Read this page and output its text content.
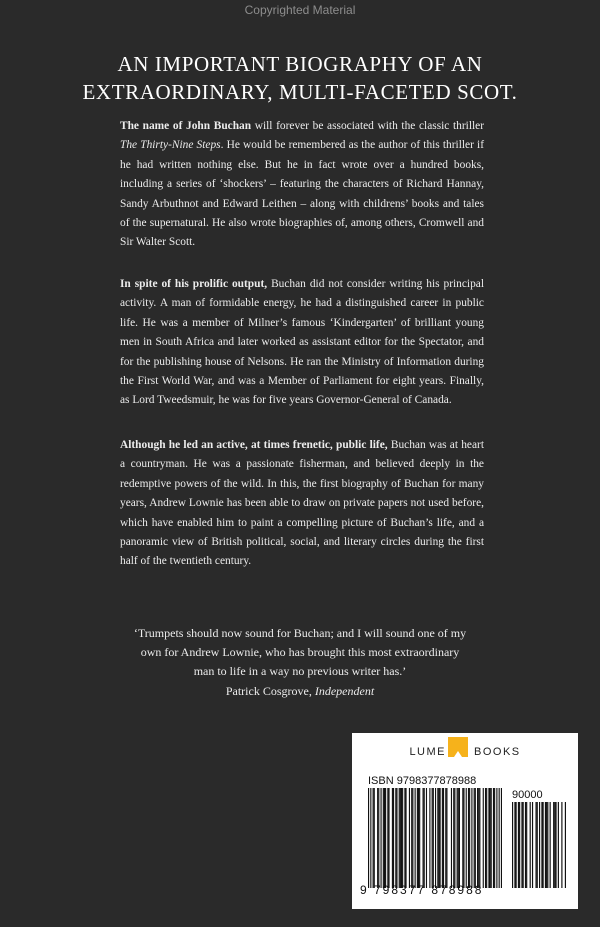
Copyrighted Material
AN IMPORTANT BIOGRAPHY OF AN
EXTRAORDINARY, MULTI-FACETED SCOT.

The name of John Buchan will forever be associated with the classic thriller The Thirty-Nine Steps. He would be remembered as the author of this thriller if he had written nothing else. But he in fact wrote over a hundred books, including a series of ‘shockers’ – featuring the characters of Richard Hannay, Sandy Arbuthnot and Edward Leithen – along with childrens’ books and tales of the supernatural. He also wrote biographies of, among others, Cromwell and Sir Walter Scott.

In spite of his prolific output, Buchan did not consider writing his principal activity. A man of formidable energy, he had a distinguished career in public life. He was a member of Milner’s famous ‘Kindergarten’ of brilliant young men in South Africa and later worked as assistant editor for the Spectator, and for the publishing house of Nelsons. He ran the Ministry of Information during the First World War, and was a Member of Parliament for eight years. Finally, as Lord Tweedsmuir, he was for five years Governor-General of Canada.

Although he led an active, at times frenetic, public life, Buchan was at heart a countryman. He was a passionate fisherman, and believed deeply in the redemptive powers of the wild. In this, the first biography of Buchan for many years, Andrew Lownie has been able to draw on private papers not used before, which have enabled him to paint a compelling picture of Buchan’s life, and a panoramic view of British political, social, and literary circles during the first half of the twentieth century.

‘Trumpets should now sound for Buchan; and I will sound one of my
own for Andrew Lownie, who has brought this most extraordinary
man to life in a way no previous writer has.’
Patrick Cosgrove, Independent
LUME	BOOKS
ISBN 9798377878988
90000
9 798377 878988
